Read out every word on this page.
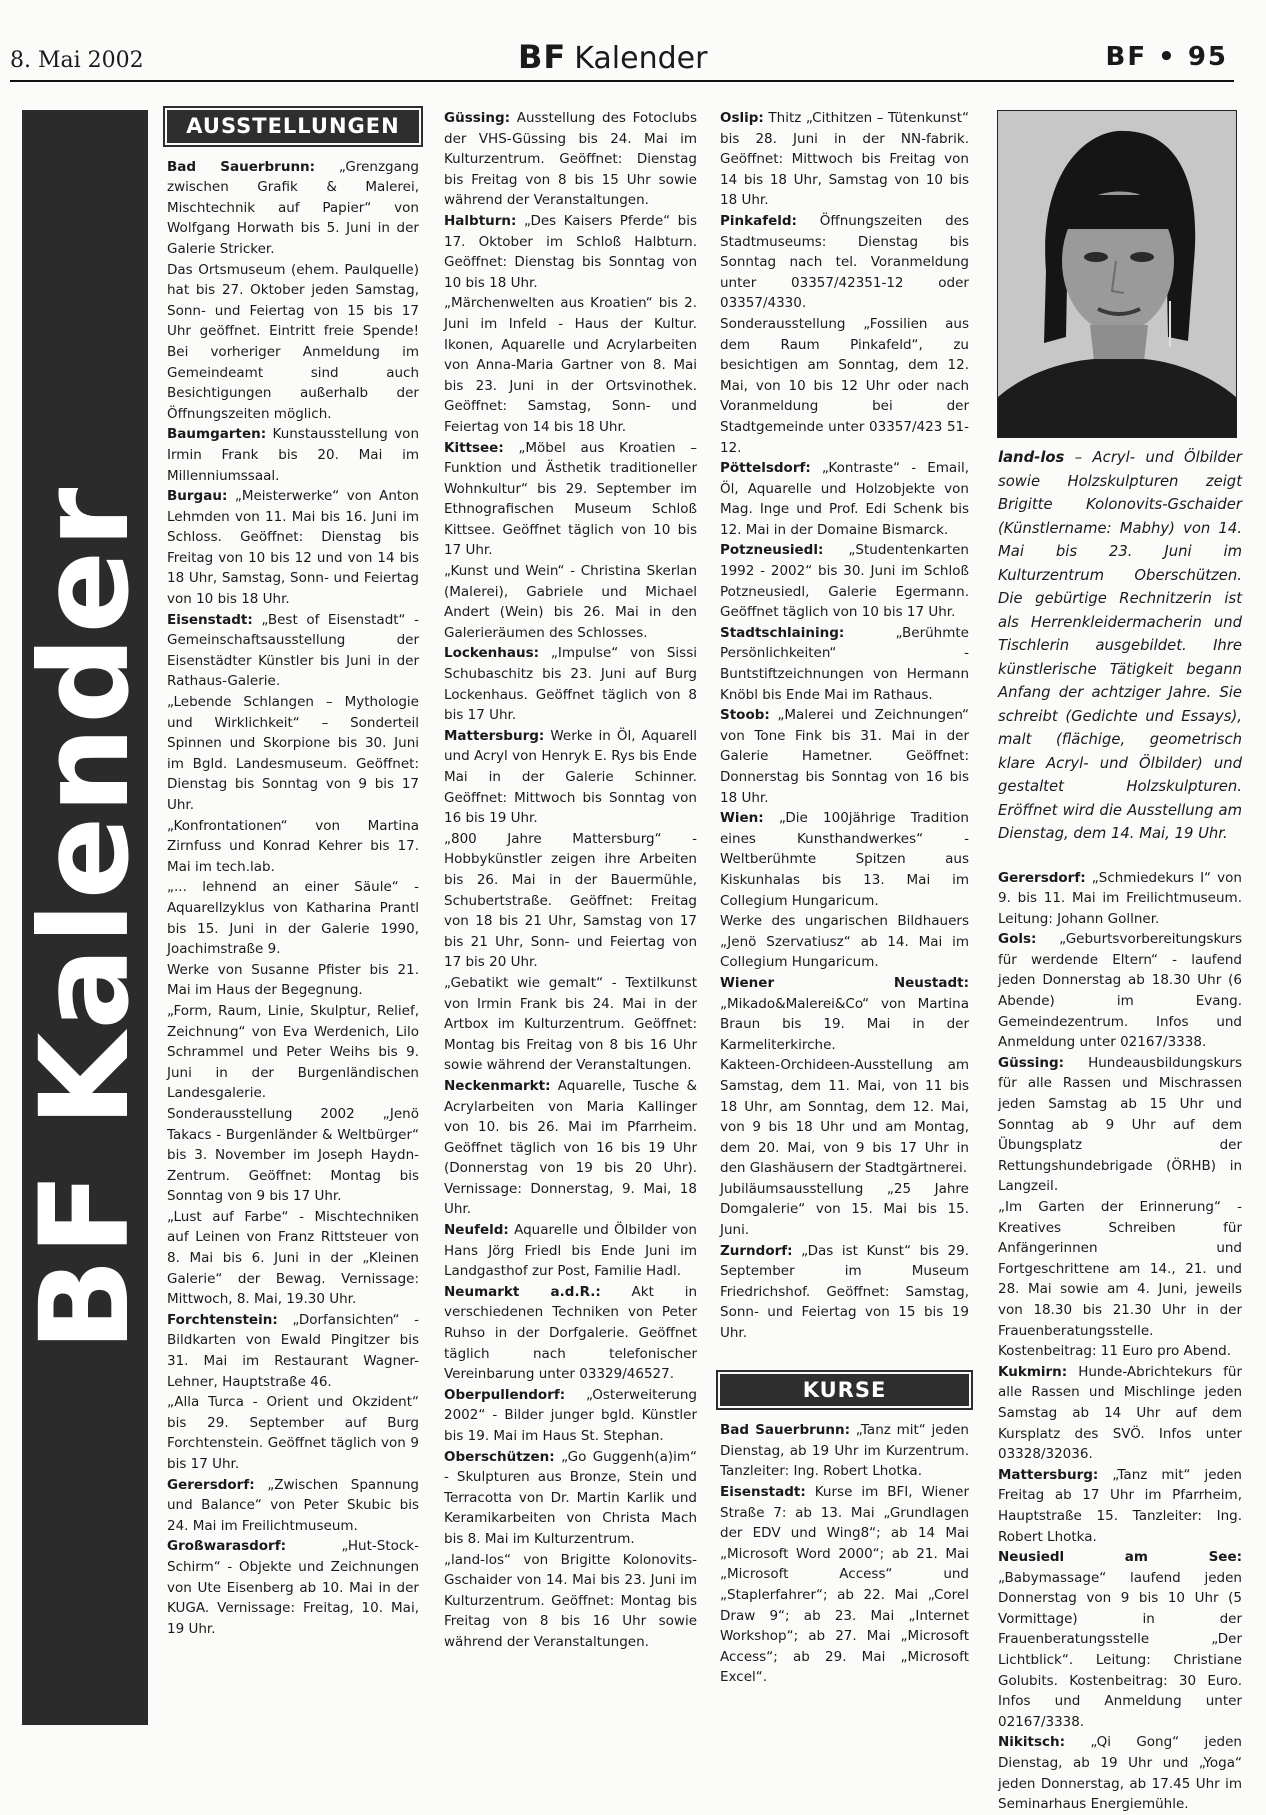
8. Mai 2002	BF Kalender	BF • 95
BFKalender
AUSSTELLUNGEN

Bad Sauerbrunn: „Grenzgang zwischen Grafik & Malerei, Mischtechnik auf Papier“ von Wolfgang Horwath bis 5. Juni in der Galerie Stricker.

Das Ortsmuseum (ehem. Paulquelle) hat bis 27. Oktober jeden Samstag, Sonn- und Feiertag von 15 bis 17 Uhr geöffnet. Eintritt freie Spende! Bei vorheriger Anmeldung im Gemeindeamt sind auch Besichtigungen außerhalb der Öffnungszeiten möglich.

Baumgarten: Kunstausstellung von Irmin Frank bis 20. Mai im Millenniumssaal.

Burgau: „Meisterwerke“ von Anton Lehmden von 11. Mai bis 16. Juni im Schloss. Geöffnet: Dienstag bis Freitag von 10 bis 12 und von 14 bis 18 Uhr, Samstag, Sonn- und Feiertag von 10 bis 18 Uhr.

Eisenstadt: „Best of Eisenstadt“ - Gemeinschaftsausstellung der Eisenstädter Künstler bis Juni in der Rathaus-Galerie.

„Lebende Schlangen – Mythologie und Wirklichkeit“ – Sonderteil Spinnen und Skorpione bis 30. Juni im Bgld. Landesmuseum. Geöffnet: Dienstag bis Sonntag von 9 bis 17 Uhr.

„Konfrontationen“ von Martina Zirnfuss und Konrad Kehrer bis 17. Mai im tech.lab.

„... lehnend an einer Säule“ - Aquarellzyklus von Katharina Prantl bis 15. Juni in der Galerie 1990, Joachimstraße 9.

Werke von Susanne Pfister bis 21. Mai im Haus der Begegnung.

„Form, Raum, Linie, Skulptur, Relief, Zeichnung“ von Eva Werdenich, Lilo Schrammel und Peter Weihs bis 9. Juni in der Burgenländischen Landesgalerie.

Sonderausstellung 2002 „Jenö Takacs - Burgenländer & Weltbürger“ bis 3. November im Joseph Haydn-Zentrum. Geöffnet: Montag bis Sonntag von 9 bis 17 Uhr.

„Lust auf Farbe“ - Mischtechniken auf Leinen von Franz Rittsteuer von 8. Mai bis 6. Juni in der „Kleinen Galerie“ der Bewag. Vernissage: Mittwoch, 8. Mai, 19.30 Uhr.

Forchtenstein: „Dorfansichten“ - Bildkarten von Ewald Pingitzer bis 31. Mai im Restaurant Wagner-Lehner, Hauptstraße 46.

„Alla Turca - Orient und Okzident“ bis 29. September auf Burg Forchtenstein. Geöffnet täglich von 9 bis 17 Uhr.

Gerersdorf: „Zwischen Spannung und Balance“ von Peter Skubic bis 24. Mai im Freilichtmuseum.

Großwarasdorf: „Hut-Stock-Schirm“ - Objekte und Zeichnungen von Ute Eisenberg ab 10. Mai in der KUGA. Vernissage: Freitag, 10. Mai, 19 Uhr.

Güssing: Ausstellung des Fotoclubs der VHS-Güssing bis 24. Mai im Kulturzentrum. Geöffnet: Dienstag bis Freitag von 8 bis 15 Uhr sowie während der Veranstaltungen.

Halbturn: „Des Kaisers Pferde“ bis 17. Oktober im Schloß Halbturn. Geöffnet: Dienstag bis Sonntag von 10 bis 18 Uhr.

„Märchenwelten aus Kroatien“ bis 2. Juni im Infeld - Haus der Kultur. Ikonen, Aquarelle und Acrylarbeiten von Anna-Maria Gartner von 8. Mai bis 23. Juni in der Ortsvinothek. Geöffnet: Samstag, Sonn- und Feiertag von 14 bis 18 Uhr.

Kittsee: „Möbel aus Kroatien – Funktion und Ästhetik traditioneller Wohnkultur“ bis 29. September im Ethnografischen Museum Schloß Kittsee. Geöffnet täglich von 10 bis 17 Uhr.

„Kunst und Wein“ - Christina Skerlan (Malerei), Gabriele und Michael Andert (Wein) bis 26. Mai in den Galerieräumen des Schlosses.

Lockenhaus: „Impulse“ von Sissi Schubaschitz bis 23. Juni auf Burg Lockenhaus. Geöffnet täglich von 8 bis 17 Uhr.

Mattersburg: Werke in Öl, Aquarell und Acryl von Henryk E. Rys bis Ende Mai in der Galerie Schinner. Geöffnet: Mittwoch bis Sonntag von 16 bis 19 Uhr.

„800 Jahre Mattersburg“ - Hobbykünstler zeigen ihre Arbeiten bis 26. Mai in der Bauermühle, Schubertstraße. Geöffnet: Freitag von 18 bis 21 Uhr, Samstag von 17 bis 21 Uhr, Sonn- und Feiertag von 17 bis 20 Uhr.

„Gebatikt wie gemalt“ - Textilkunst von Irmin Frank bis 24. Mai in der Artbox im Kulturzentrum. Geöffnet: Montag bis Freitag von 8 bis 16 Uhr sowie während der Veranstaltungen.

Neckenmarkt: Aquarelle, Tusche & Acrylarbeiten von Maria Kallinger von 10. bis 26. Mai im Pfarrheim. Geöffnet täglich von 16 bis 19 Uhr (Donnerstag von 19 bis 20 Uhr). Vernissage: Donnerstag, 9. Mai, 18 Uhr.

Neufeld: Aquarelle und Ölbilder von Hans Jörg Friedl bis Ende Juni im Landgasthof zur Post, Familie Hadl.

Neumarkt a.d.R.: Akt in verschiedenen Techniken von Peter Ruhso in der Dorfgalerie. Geöffnet täglich nach telefonischer Vereinbarung unter 03329/46527.

Oberpullendorf: „Osterweiterung 2002“ - Bilder junger bgld. Künstler bis 19. Mai im Haus St. Stephan.

Oberschützen: „Go Guggenh(a)im“ - Skulpturen aus Bronze, Stein und Terracotta von Dr. Martin Karlik und Keramikarbeiten von Christa Mach bis 8. Mai im Kulturzentrum.

„land-los“ von Brigitte Kolonovits-Gschaider von 14. Mai bis 23. Juni im Kulturzentrum. Geöffnet: Montag bis Freitag von 8 bis 16 Uhr sowie während der Veranstaltungen.

Oslip: Thitz „Cithitzen – Tütenkunst“ bis 28. Juni in der NN-fabrik. Geöffnet: Mittwoch bis Freitag von 14 bis 18 Uhr, Samstag von 10 bis 18 Uhr.

Pinkafeld: Öffnungszeiten des Stadtmuseums: Dienstag bis Sonntag nach tel. Voranmeldung unter 03357/42351-12 oder 03357/4330.

Sonderausstellung „Fossilien aus dem Raum Pinkafeld“, zu besichtigen am Sonntag, dem 12. Mai, von 10 bis 12 Uhr oder nach Voranmeldung bei der Stadtgemeinde unter 03357/423 51-12.

Pöttelsdorf: „Kontraste“ - Email, Öl, Aquarelle und Holzobjekte von Mag. Inge und Prof. Edi Schenk bis 12. Mai in der Domaine Bismarck.

Potzneusiedl: „Studentenkarten 1992 - 2002“ bis 30. Juni im Schloß Potzneusiedl, Galerie Egermann. Geöffnet täglich von 10 bis 17 Uhr.

Stadtschlaining: „Berühmte Persönlichkeiten“ - Buntstiftzeichnungen von Hermann Knöbl bis Ende Mai im Rathaus.

Stoob: „Malerei und Zeichnungen“ von Tone Fink bis 31. Mai in der Galerie Hametner. Geöffnet: Donnerstag bis Sonntag von 16 bis 18 Uhr.

Wien: „Die 100jährige Tradition eines Kunsthandwerkes“ - Weltberühmte Spitzen aus Kiskunhalas bis 13. Mai im Collegium Hungaricum.

Werke des ungarischen Bildhauers „Jenö Szervatiusz“ ab 14. Mai im Collegium Hungaricum.

Wiener Neustadt: „Mikado&Malerei&Co“ von Martina Braun bis 19. Mai in der Karmeliterkirche.

Kakteen-Orchideen-Ausstellung am Samstag, dem 11. Mai, von 11 bis 18 Uhr, am Sonntag, dem 12. Mai, von 9 bis 18 Uhr und am Montag, dem 20. Mai, von 9 bis 17 Uhr in den Glashäusern der Stadtgärtnerei.

Jubiläumsausstellung „25 Jahre Domgalerie“ von 15. Mai bis 15. Juni.

Zurndorf: „Das ist Kunst“ bis 29. September im Museum Friedrichshof. Geöffnet: Samstag, Sonn- und Feiertag von 15 bis 19 Uhr.

KURSE

Bad Sauerbrunn: „Tanz mit“ jeden Dienstag, ab 19 Uhr im Kurzentrum. Tanzleiter: Ing. Robert Lhotka.

Eisenstadt: Kurse im BFI, Wiener Straße 7: ab 13. Mai „Grundlagen der EDV und Wing8“; ab 14 Mai „Microsoft Word 2000“; ab 21. Mai „Microsoft Access“ und „Staplerfahrer“; ab 22. Mai „Corel Draw 9“; ab 23. Mai „Internet Workshop“; ab 27. Mai „Microsoft Access“; ab 29. Mai „Microsoft Excel“.

land-los – Acryl- und Ölbilder sowie Holzskulpturen zeigt Brigitte Kolonovits-Gschaider (Künstlername: Mabhy) von 14. Mai bis 23. Juni im Kulturzentrum Oberschützen. Die gebürtige Rechnitzerin ist als Herrenkleidermacherin und Tischlerin ausgebildet. Ihre künstlerische Tätigkeit begann Anfang der achtziger Jahre. Sie schreibt (Gedichte und Essays), malt (flächige, geometrisch klare Acryl- und Ölbilder) und gestaltet Holzskulpturen. Eröffnet wird die Ausstellung am Dienstag, dem 14. Mai, 19 Uhr.

Gerersdorf: „Schmiedekurs I“ von 9. bis 11. Mai im Freilichtmuseum. Leitung: Johann Gollner.

Gols: „Geburtsvorbereitungskurs für werdende Eltern“ - laufend jeden Donnerstag ab 18.30 Uhr (6 Abende) im Evang. Gemeindezentrum. Infos und Anmeldung unter 02167/3338.

Güssing: Hundeausbildungskurs für alle Rassen und Mischrassen jeden Samstag ab 15 Uhr und Sonntag ab 9 Uhr auf dem Übungsplatz der Rettungshundebrigade (ÖRHB) in Langzeil.

„Im Garten der Erinnerung“ - Kreatives Schreiben für Anfängerinnen und Fortgeschrittene am 14., 21. und 28. Mai sowie am 4. Juni, jeweils von 18.30 bis 21.30 Uhr in der Frauenberatungsstelle. Kostenbeitrag: 11 Euro pro Abend.

Kukmirn: Hunde-Abrichtekurs für alle Rassen und Mischlinge jeden Samstag ab 14 Uhr auf dem Kursplatz des SVÖ. Infos unter 03328/32036.

Mattersburg: „Tanz mit“ jeden Freitag ab 17 Uhr im Pfarrheim, Hauptstraße 15. Tanzleiter: Ing. Robert Lhotka.

Neusiedl am See: „Babymassage“ laufend jeden Donnerstag von 9 bis 10 Uhr (5 Vormittage) in der Frauenberatungsstelle „Der Lichtblick“. Leitung: Christiane Golubits. Kostenbeitrag: 30 Euro. Infos und Anmeldung unter 02167/3338.

Nikitsch: „Qi Gong“ jeden Dienstag, ab 19 Uhr und „Yoga“ jeden Donnerstag, ab 17.45 Uhr im Seminarhaus Energiemühle.
